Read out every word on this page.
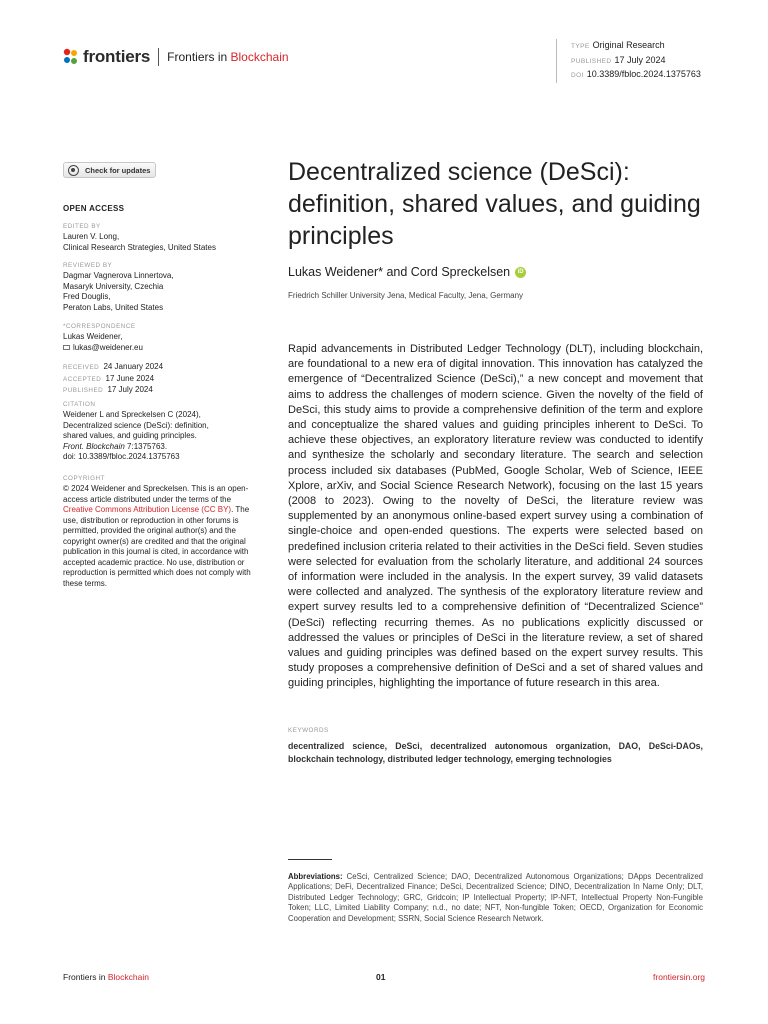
frontiers Frontiers in Blockchain
TYPE Original Research
PUBLISHED 17 July 2024
DOI 10.3389/fbloc.2024.1375763
Check for updates
OPEN ACCESS
EDITED BY
Lauren V. Long,
Clinical Research Strategies, United States
REVIEWED BY
Dagmar Vagnerova Linnertova,
Masaryk University, Czechia
Fred Douglis,
Peraton Labs, United States
*CORRESPONDENCE
Lukas Weidener,
lukas@weidener.eu
RECEIVED 24 January 2024
ACCEPTED 17 June 2024
PUBLISHED 17 July 2024
CITATION
Weidener L and Spreckelsen C (2024),
Decentralized science (DeSci): definition,
shared values, and guiding principles.
Front. Blockchain 7:1375763.
doi: 10.3389/fbloc.2024.1375763
COPYRIGHT
© 2024 Weidener and Spreckelsen. This is an open-access article distributed under the terms of the Creative Commons Attribution License (CC BY). The use, distribution or reproduction in other forums is permitted, provided the original author(s) and the copyright owner(s) are credited and that the original publication in this journal is cited, in accordance with accepted academic practice. No use, distribution or reproduction is permitted which does not comply with these terms.
Decentralized science (DeSci): definition, shared values, and guiding principles
Lukas Weidener* and Cord Spreckelsen	iD
Friedrich Schiller University Jena, Medical Faculty, Jena, Germany
Rapid advancements in Distributed Ledger Technology (DLT), including blockchain, are foundational to a new era of digital innovation. This innovation has catalyzed the emergence of “Decentralized Science (DeSci),” a new concept and movement that aims to address the challenges of modern science. Given the novelty of the field of DeSci, this study aims to provide a comprehensive definition of the term and explore and conceptualize the shared values and guiding principles inherent to DeSci. To achieve these objectives, an exploratory literature review was conducted to identify and synthesize the scholarly and secondary literature. The search and selection process included six databases (PubMed, Google Scholar, Web of Science, IEEE Xplore, arXiv, and Social Science Research Network), focusing on the last 15 years (2008 to 2023). Owing to the novelty of DeSci, the literature review was supplemented by an anonymous online-based expert survey using a combination of single-choice and open-ended questions. The experts were selected based on predefined inclusion criteria related to their activities in the DeSci field. Seven studies were selected for evaluation from the scholarly literature, and additional 24 sources of information were included in the analysis. In the expert survey, 39 valid datasets were collected and analyzed. The synthesis of the exploratory literature review and expert survey results led to a comprehensive definition of “Decentralized Science” (DeSci) reflecting recurring themes. As no publications explicitly discussed or addressed the values or principles of DeSci in the literature review, a set of shared values and guiding principles was defined based on the expert survey results. This study proposes a comprehensive definition of DeSci and a set of shared values and guiding principles, highlighting the importance of future research in this area.
KEYWORDS
decentralized science, DeSci, decentralized autonomous organization, DAO, DeSci-DAOs, blockchain technology, distributed ledger technology, emerging technologies
Abbreviations: CeSci, Centralized Science; DAO, Decentralized Autonomous Organizations; DApps Decentralized Applications; DeFi, Decentralized Finance; DeSci, Decentralized Science; DINO, Decentralization In Name Only; DLT, Distributed Ledger Technology; GRC, Gridcoin; IP Intellectual Property; IP-NFT, Intellectual Property Non-Fungible Token; LLC, Limited Liability Company; n.d., no date; NFT, Non-fungible Token; OECD, Organization for Economic Cooperation and Development; SSRN, Social Science Research Network.
Frontiers in Blockchain	01	frontiersin.org
